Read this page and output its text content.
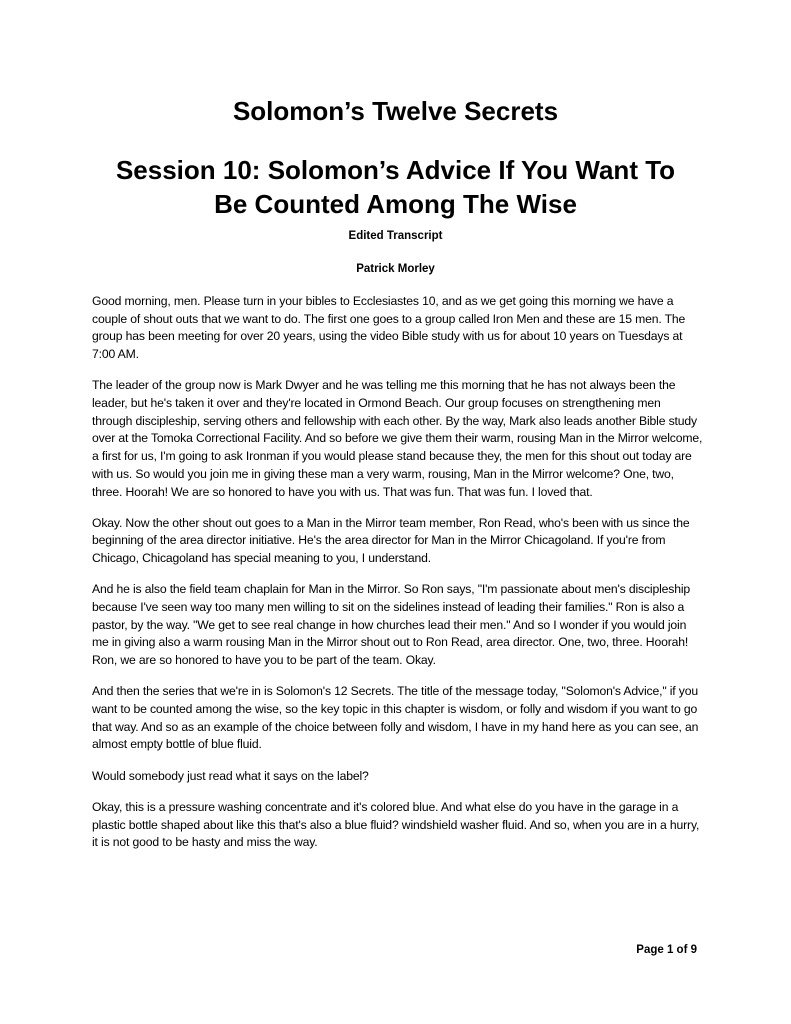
Solomon’s Twelve Secrets
Session 10: Solomon’s Advice If You Want To
Be Counted Among The Wise

Edited Transcript

Patrick Morley

Good morning, men. Please turn in your bibles to Ecclesiastes 10, and as we get going this morning we have a couple of shout outs that we want to do. The first one goes to a group called Iron Men and these are 15 men. The group has been meeting for over 20 years, using the video Bible study with us for about 10 years on Tuesdays at 7:00 AM.

The leader of the group now is Mark Dwyer and he was telling me this morning that he has not always been the leader, but he's taken it over and they're located in Ormond Beach. Our group focuses on strengthening men through discipleship, serving others and fellowship with each other. By the way, Mark also leads another Bible study over at the Tomoka Correctional Facility. And so before we give them their warm, rousing Man in the Mirror welcome, a first for us, I'm going to ask Ironman if you would please stand because they, the men for this shout out today are with us. So would you join me in giving these man a very warm, rousing, Man in the Mirror welcome? One, two, three. Hoorah! We are so honored to have you with us. That was fun. That was fun. I loved that.

Okay. Now the other shout out goes to a Man in the Mirror team member, Ron Read, who's been with us since the beginning of the area director initiative. He's the area director for Man in the Mirror Chicagoland. If you're from Chicago, Chicagoland has special meaning to you, I understand.

And he is also the field team chaplain for Man in the Mirror. So Ron says, "I'm passionate about men's discipleship because I've seen way too many men willing to sit on the sidelines instead of leading their families." Ron is also a pastor, by the way. "We get to see real change in how churches lead their men." And so I wonder if you would join me in giving also a warm rousing Man in the Mirror shout out to Ron Read, area director. One, two, three. Hoorah! Ron, we are so honored to have you to be part of the team. Okay.

And then the series that we're in is Solomon's 12 Secrets. The title of the message today, "Solomon's Advice," if you want to be counted among the wise, so the key topic in this chapter is wisdom, or folly and wisdom if you want to go that way. And so as an example of the choice between folly and wisdom, I have in my hand here as you can see, an almost empty bottle of blue fluid.

Would somebody just read what it says on the label?

Okay, this is a pressure washing concentrate and it's colored blue. And what else do you have in the garage in a plastic bottle shaped about like this that's also a blue fluid? windshield washer fluid. And so, when you are in a hurry, it is not good to be hasty and miss the way.

Page 1 of 9
